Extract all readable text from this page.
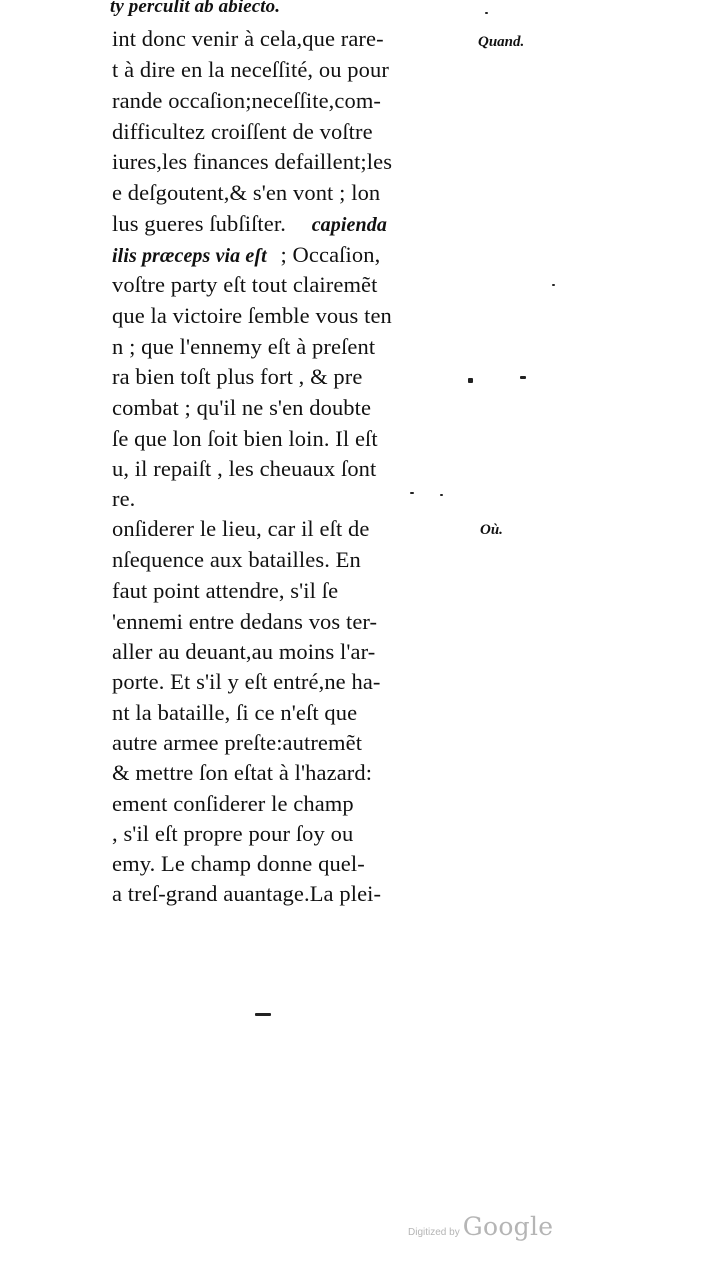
ty perculit ab abiecto.
int donc venir à cela,que rare-
t à dire en la neceſſité, ou pour
rande occaſion;neceſſite,com-
difficultez croiſſent de voſtre
iures,les finances defaillent;les
e deſgoutent,& s'en vont ; lon
lus gueres ſubſiſter. capienda
ilis præceps via eſt ; Occaſion,
voſtre party eſt tout clairemẽt
que la victoire ſemble vous ten
n ; que l'ennemy eſt à preſent
ra bien toſt plus fort , & pre
combat ; qu'il ne s'en doubte
ſe que lon ſoit bien loin. Il eſt
u, il repaiſt , les cheuaux ſont
re.
onſiderer le lieu, car il eſt de
nſequence aux batailles. En
faut point attendre, s'il ſe
'ennemi entre dedans vos ter-
aller au deuant,au moins l'ar-
porte. Et s'il y eſt entré,ne ha-
nt la bataille, ſi ce n'eſt que
autre armee preſte:autremẽt
& mettre ſon eſtat à l'hazard:
ement conſiderer le champ
, s'il eſt propre pour ſoy ou
emy. Le champ donne quel-
a treſ-grand auantage.La plei-
Quand.
Où.
Digitized by Google
